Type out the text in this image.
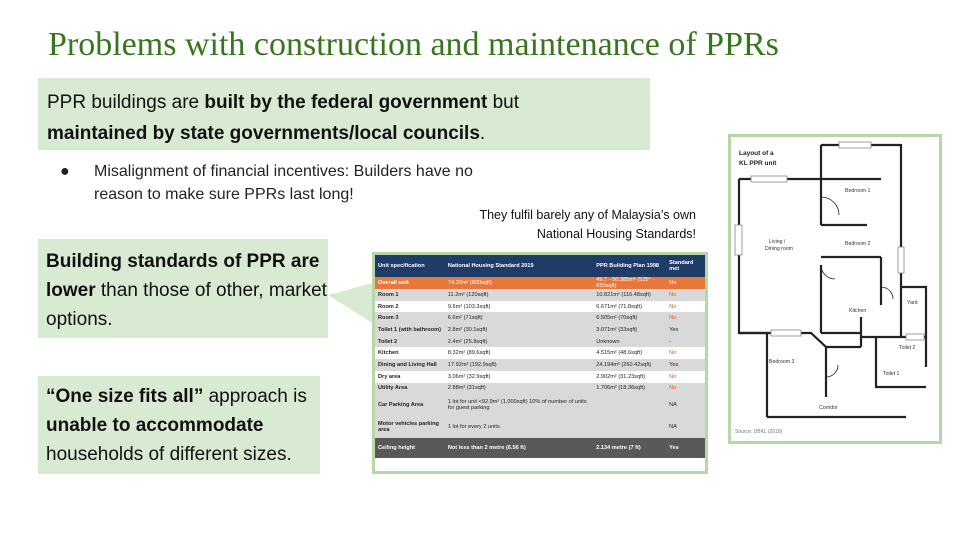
Problems with construction and maintenance of PPRs
PPR buildings are built by the federal government but
maintained by state governments/local councils.
● Misalignment of financial incentives: Builders have no reason to make sure PPRs last long!
They fulfil barely any of Malaysia’s own
National Housing Standards!
Building standards of PPR are lower than those of other, market options.
“One size fits all” approach is unable to accommodate households of different sizes.
Unit specification	National Housing Standard 2019	PPR Building Plan 1998	Standard met
Overall unit	74.32m² (800sqft)	49.7 - 60.385m² (535* - 650sqft)	No
Room 1	11.2m² (120sqft)	10.821m² (116.48sqft)	No
Room 2	9.6m² (103.3sqft)	6.671m² (71.8sqft)	No
Room 3	6.6m² (71sqft)	6.505m² (70sqft)	No
Toilet 1 (with bathroom)	2.8m² (30.1sqft)	3.071m² (33sqft)	Yes
Toilet 2	2.4m² (25.8sqft)	Unknown	-
Kitchen	8.32m² (89.6sqft)	4.515m² (48.6sqft)	No
Dining and Living Hall	17.92m² (192.9sqft)	24.194m² (260.42sqft)	Yes
Dry area	3.06m² (32.9sqft)	2.902m² (31.23sqft)	No
Utility Area	2.88m² (31sqft)	1.706m² (18.36sqft)	No
Car Parking Area	1 lot for unit <92.9m² (1,000sqft) 10% of number of units for guest parking		NA
Motor vehicles parking area	1 lot for every 2 units		NA
Ceiling height	Not less than 2 metre (6.56 ft)	2.134 metre (7 ft)	Yes
Layout of a
KL PPR unit
Bedroom 1
Bedroom 2
Living /
Dining room
Kitchen
Yard
Toilet 2
Toilet 1
Bedroom 3
Corridor
Source: DBKL (2018)
